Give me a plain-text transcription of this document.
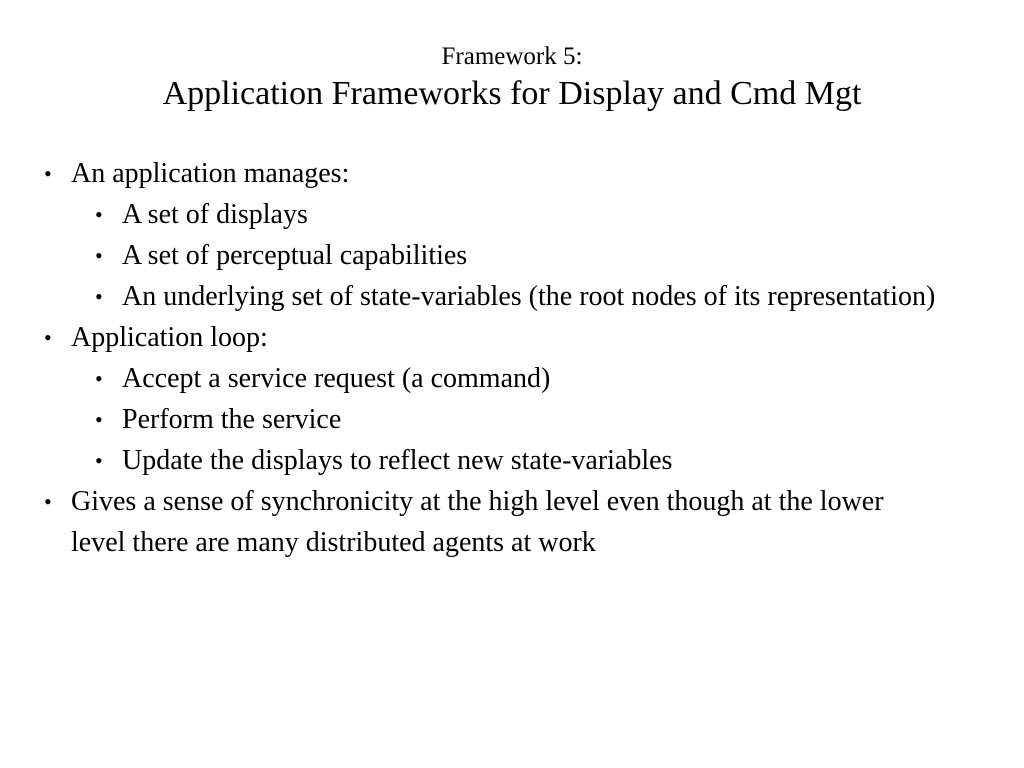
Framework 5:
Application Frameworks for Display and Cmd Mgt
• An application manages:
• A set of displays
• A set of perceptual capabilities
• An underlying set of state-variables (the root nodes of its representation)
• Application loop:
• Accept a service request (a command)
• Perform the service
• Update the displays to reflect new state-variables
• Gives a sense of synchronicity at the high level even though at the lower level there are many distributed agents at work
